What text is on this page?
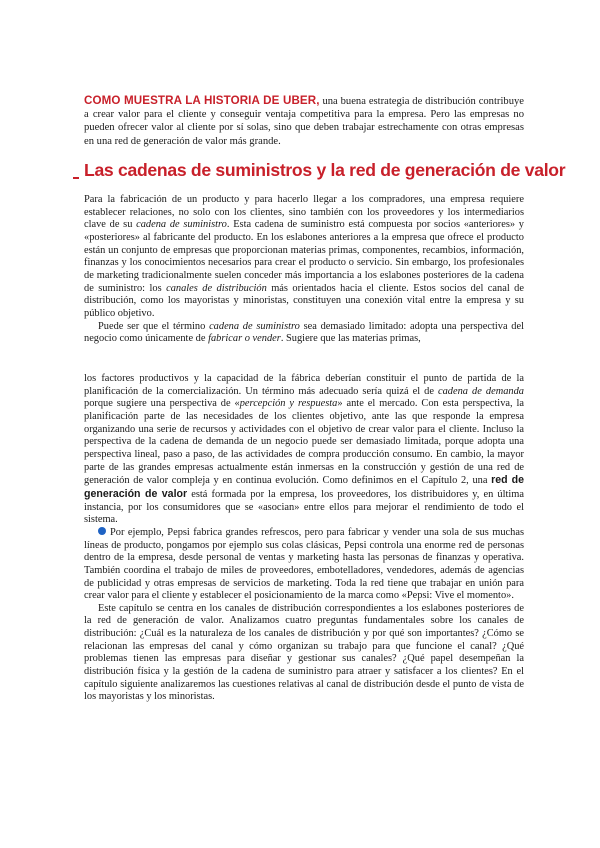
COMO MUESTRA LA HISTORIA DE UBER, una buena estrategia de distribución contribuye a crear valor para el cliente y conseguir ventaja competitiva para la empresa. Pero las empresas no pueden ofrecer valor al cliente por sí solas, sino que deben trabajar estrechamente con otras empresas en una red de generación de valor más grande.
Las cadenas de suministros y la red de generación de valor

Para la fabricación de un producto y para hacerlo llegar a los compradores, una empresa requiere establecer relaciones, no solo con los clientes, sino también con los proveedores y los intermediarios clave de su cadena de suministro. Esta cadena de suministro está compuesta por socios «anteriores» y «posteriores» al fabricante del producto. En los eslabones anteriores a la empresa que ofrece el producto están un conjunto de empresas que proporcionan materias primas, componentes, recambios, información, finanzas y los conocimientos necesarios para crear el producto o servicio. Sin embargo, los profesionales de marketing tradicionalmente suelen conceder más importancia a los eslabones posteriores de la cadena de suministro: los canales de distribución más orientados hacia el cliente. Estos socios del canal de distribución, como los mayoristas y minoristas, constituyen una conexión vital entre la empresa y su público objetivo.

Puede ser que el término cadena de suministro sea demasiado limitado: adopta una perspectiva del negocio como únicamente de fabricar o vender. Sugiere que las materias primas,

los factores productivos y la capacidad de la fábrica deberían constituir el punto de partida de la planificación de la comercialización. Un término más adecuado sería quizá el de cadena de demanda porque sugiere una perspectiva de «percepción y respuesta» ante el mercado. Con esta perspectiva, la planificación parte de las necesidades de los clientes objetivo, ante las que responde la empresa organizando una serie de recursos y actividades con el objetivo de crear valor para el cliente. Incluso la perspectiva de la cadena de demanda de un negocio puede ser demasiado limitada, porque adopta una perspectiva lineal, paso a paso, de las actividades de compra producción consumo. En cambio, la mayor parte de las grandes empresas actualmente están inmersas en la construcción y gestión de una red de generación de valor compleja y en continua evolución. Como definimos en el Capítulo 2, una red de generación de valor está formada por la empresa, los proveedores, los distribuidores y, en última instancia, por los consumidores que se «asocian» entre ellos para mejorar el rendimiento de todo el sistema.

Por ejemplo, Pepsi fabrica grandes refrescos, pero para fabricar y vender una sola de sus muchas líneas de producto, pongamos por ejemplo sus colas clásicas, Pepsi controla una enorme red de personas dentro de la empresa, desde personal de ventas y marketing hasta las personas de finanzas y operativa. También coordina el trabajo de miles de proveedores, embotelladores, vendedores, además de agencias de publicidad y otras empresas de servicios de marketing. Toda la red tiene que trabajar en unión para crear valor para el cliente y establecer el posicionamiento de la marca como «Pepsi: Vive el momento».

Este capítulo se centra en los canales de distribución correspondientes a los eslabones posteriores de la red de generación de valor. Analizamos cuatro preguntas fundamentales sobre los canales de distribución: ¿Cuál es la naturaleza de los canales de distribución y por qué son importantes? ¿Cómo se relacionan las empresas del canal y cómo organizan su trabajo para que funcione el canal? ¿Qué problemas tienen las empresas para diseñar y gestionar sus canales? ¿Qué papel desempeñan la distribución física y la gestión de la cadena de suministro para atraer y satisfacer a los clientes? En el capítulo siguiente analizaremos las cuestiones relativas al canal de distribución desde el punto de vista de los mayoristas y los minoristas.
